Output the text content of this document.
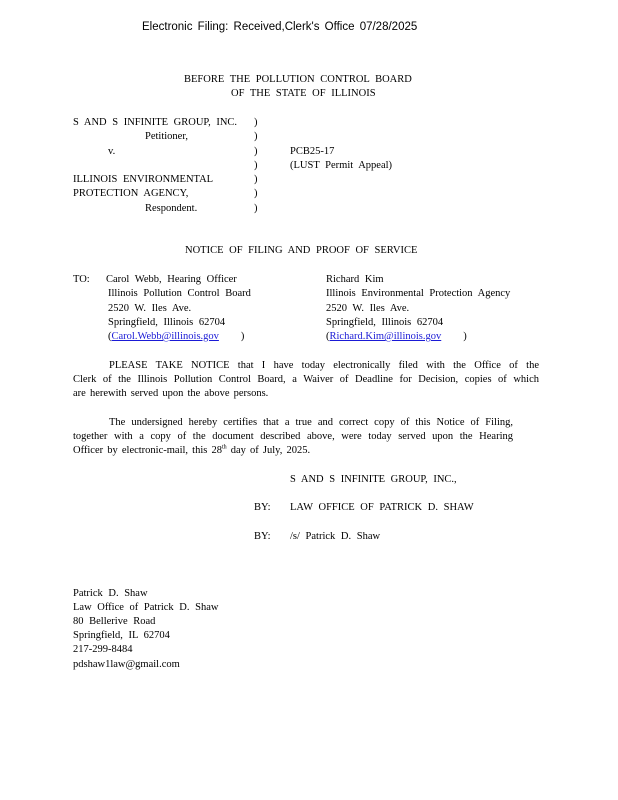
Electronic Filing: Received,Clerk's Office 07/28/2025
BEFORE THE POLLUTION CONTROL BOARD
OF THE STATE OF ILLINOIS
S AND S INFINITE GROUP, INC.
Petitioner,
v.
ILLINOIS ENVIRONMENTAL
PROTECTION AGENCY,
Respondent.
)
)
)
)
)
)
)
PCB25-17
(LUST Permit Appeal)
NOTICE OF FILING AND PROOF OF SERVICE
TO: Carol Webb, Hearing Officer
Illinois Pollution Control Board
2520 W. Iles Ave.
Springfield, Illinois 62704
(Carol.Webb@illinois.gov )
Richard Kim
Illinois Environmental Protection Agency
2520 W. Iles Ave.
Springfield, Illinois 62704
(Richard.Kim@illinois.gov )
PLEASE TAKE NOTICE that I have today electronically filed with the Office of the
Clerk of the Illinois Pollution Control Board, a Waiver of Deadline for Decision, copies of which
are herewith served upon the above persons.
The undersigned hereby certifies that a true and correct copy of this Notice of Filing,
together with a copy of the document described above, were today served upon the Hearing
Officer by electronic-mail, this 28th day of July, 2025.
S AND S INFINITE GROUP, INC.,
BY: LAW OFFICE OF PATRICK D. SHAW
BY: /s/ Patrick D. Shaw
Patrick D. Shaw
Law Office of Patrick D. Shaw
80 Bellerive Road
Springfield, IL 62704
217-299-8484
pdshaw1law@gmail.com
